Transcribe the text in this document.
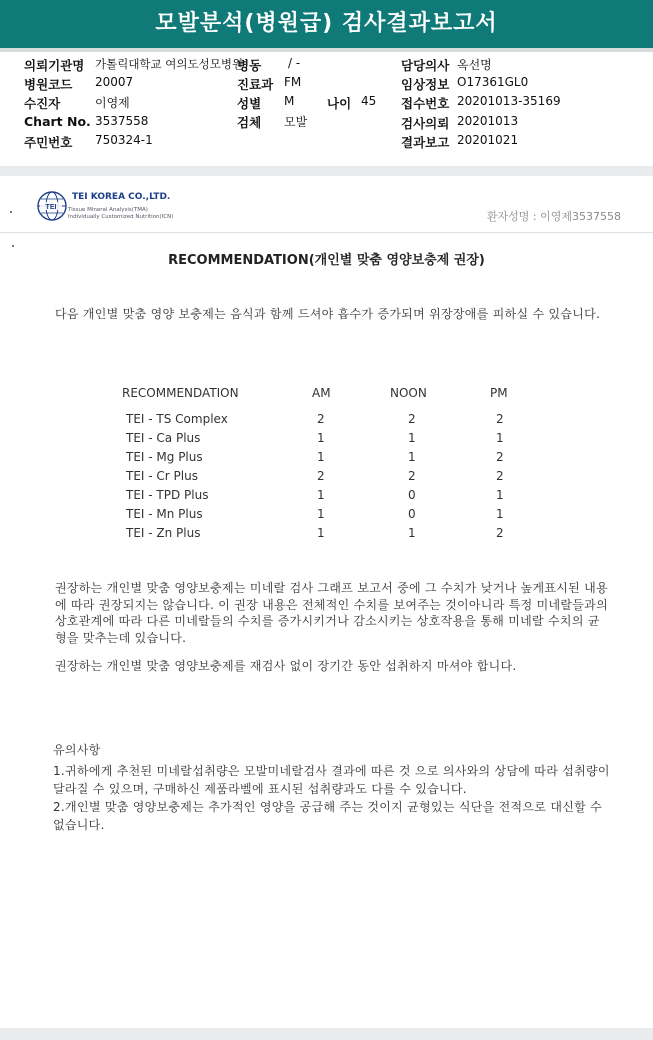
모발분석(병원급) 검사결과보고서
의뢰기관명 가톨릭대학교 여의도성모병원
병동 / -	담당의사 옥선명
병원코드 20007	진료과 FM	임상정보 O17361GL0
수진자	이영제	성별 M	나이 45 접수번호 20201013-35169
Chart No. 3537558	검체 모발	검사의뢰 20201013
주민번호 750324-1	결과보고 20201021
TEI
TEI KOREA CO.,LTD.
Tissue Mineral Analysis(TMA)
Individually Customized Nutrition(ICN)	환자성명 : 이영제3537558
RECOMMENDATION(개인별 맞춤 영양보충제 권장)
다음 개인별 맞춤 영양 보충제는 음식과 함께 드셔야 흡수가 증가되며 위장장애를 피하실 수 있습니다.
RECOMMENDATION	AM	NOON	PM
TEI - TS Complex	2	2	2
TEI - Ca Plus	1	1	1
TEI - Mg Plus	1	1	2
TEI - Cr Plus	2	2	2
TEI - TPD Plus	1	0	1
TEI - Mn Plus	1	0	1
TEI - Zn Plus	1	1	2
권장하는 개인별 맞춤 영양보충제는 미네랄 검사 그래프 보고서 중에 그 수치가 낮거나 높게표시된 내용에 따라 권장되지는 않습니다. 이 권장 내용은 전체적인 수치를 보여주는 것이아니라 특정 미네랄들과의 상호관계에 따라 다른 미네랄들의 수치를 증가시키거나 감소시키는 상호작용을 통해 미네랄 수치의 균형을 맞추는데 있습니다.
권장하는 개인별 맞춤 영양보충제를 재검사 없이 장기간 동안 섭취하지 마셔야 합니다.
유의사항
1.귀하에게 추천된 미네랄섭취량은 모발미네랄검사 결과에 따른 것 으로 의사와의 상담에 따라 섭취량이 달라질 수 있으며, 구매하신 제품라벨에 표시된 섭취량과도 다를 수 있습니다.
2.개인별 맞춤 영양보충제는 추가적인 영양을 공급해 주는 것이지 균형있는 식단을 전적으로 대신할 수 없습니다.
